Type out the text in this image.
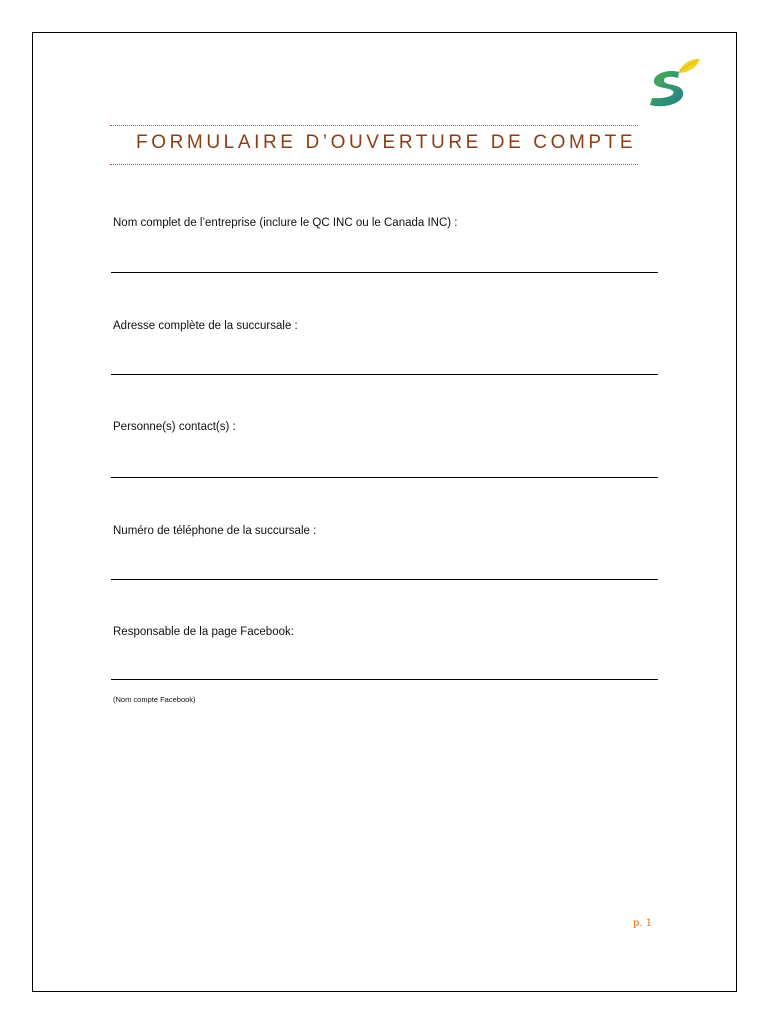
FORMULAIRE D’OUVERTURE DE COMPTE
Nom complet de l’entreprise (inclure le QC INC ou le Canada INC) :
Adresse complète de la succursale :
Personne(s) contact(s) :
Numéro de téléphone de la succursale :
Responsable de la page Facebook:
(Nom compte Facebook)
p. 1
